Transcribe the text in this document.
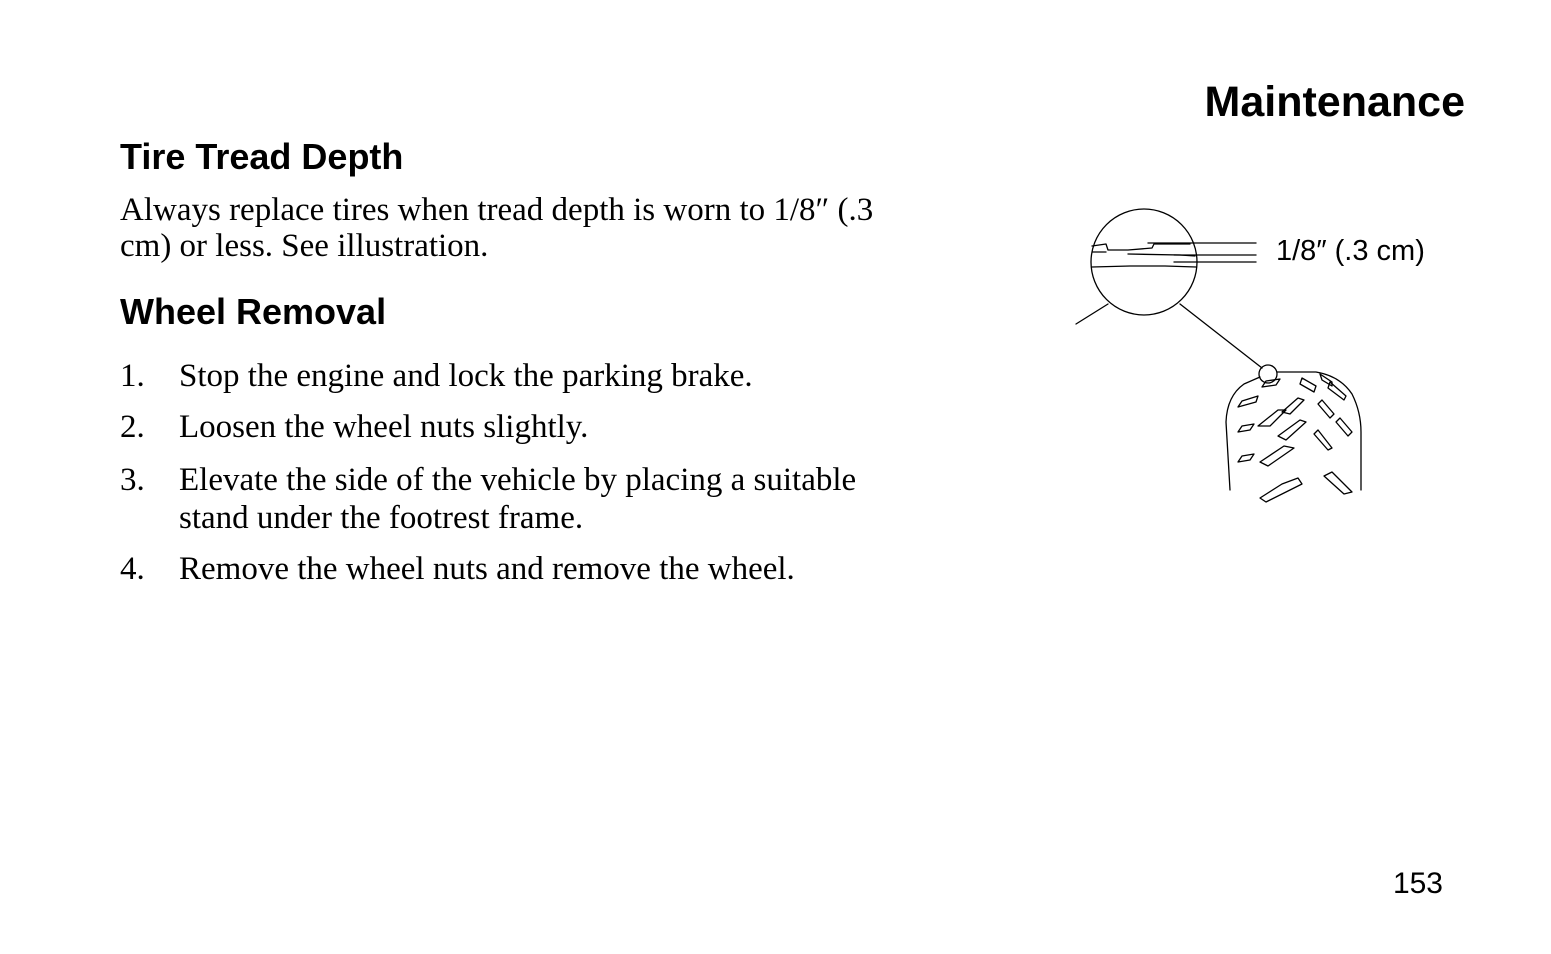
Maintenance
Tire Tread Depth
Always replace tires when tread depth is worn to 1/8″ (.3 cm) or less. See illustration.
Wheel Removal
1. Stop the engine and lock the parking brake.
2. Loosen the wheel nuts slightly.
3. Elevate the side of the vehicle by placing a suitable stand under the footrest frame.
4. Remove the wheel nuts and remove the wheel.
1/8″ (.3 cm)
153
